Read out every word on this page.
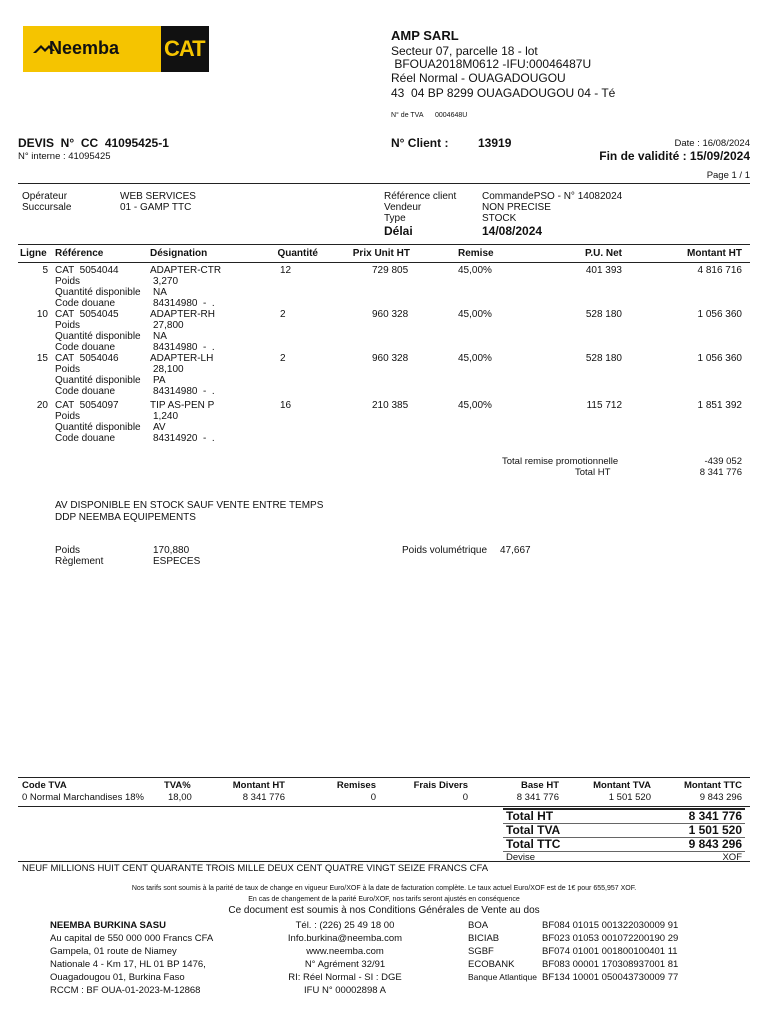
Neemba CAT
AMP SARL
Secteur 07, parcelle 18 - lot
BFOUA2018M0612 -IFU:00046487U
Réel Normal - OUAGADOUGOU
43  04 BP 8299 OUAGADOUGOU 04 - Té
N° de TVA 0004648U
DEVIS  N°  CC  41095425-1
N° interne : 41095425
N° Client : 13919	Date : 16/08/2024
Fin de validité : 15/09/2024
Page 1 / 1
Opérateur	WEB SERVICES
Succursale	01 - GAMP TTC
Référence client	CommandePSO - N° 14082024
Vendeur	NON PRECISE
Type	STOCK
Délai	14/08/2024
Ligne Référence	Désignation	Quantité	Prix Unit HT	Remise	P.U. Net	Montant HT
5 CAT  5054044	ADAPTER-CTR	12	729 805	45,00%	401 393	4 816 716
Poids	3,270
Quantité disponible NA
Code douane	84314980  -  .
10 CAT  5054045	ADAPTER-RH	2	960 328	45,00%	528 180	1 056 360
Poids	27,800
Quantité disponible NA
Code douane	84314980  -  .
15 CAT  5054046	ADAPTER-LH	2	960 328	45,00%	528 180	1 056 360
Poids	28,100
Quantité disponible PA
Code douane	84314980  -  .
20 CAT  5054097	TIP AS-PEN P	16	210 385	45,00%	115 712	1 851 392
Poids	1,240
Quantité disponible AV
Code douane	84314920  -  .
Total remise promotionnelle	-439 052
Total HT	8 341 776
AV DISPONIBLE EN STOCK SAUF VENTE ENTRE TEMPS
DDP NEEMBA EQUIPEMENTS
Poids	170,880
Règlement	ESPECES
Poids volumétrique 47,667
Code TVA	TVA%	Montant HT	Remises	Frais Divers	Base HT	Montant TVA	Montant TTC
0 Normal Marchandises 18%	18,00	8 341 776	0	0	8 341 776	1 501 520	9 843 296
Total HT	8 341 776
Total TVA	1 501 520
Total TTC	9 843 296
Devise	XOF
NEUF MILLIONS HUIT CENT QUARANTE TROIS MILLE DEUX CENT QUATRE VINGT SEIZE FRANCS CFA
Nos tarifs sont soumis à la parité de taux de change en vigueur Euro/XOF à la date de facturation complète. Le taux actuel Euro/XOF est de 1€ pour 655,957 XOF.
En cas de changement de la parité Euro/XOF, nos tarifs seront ajustés en conséquence
Ce document est soumis à nos Conditions Générales de Vente au dos
NEEMBA BURKINA SASU
Au capital de 550 000 000 Francs CFA
Gampela, 01 route de Niamey
Nationale 4 - Km 17, HL 01 BP 1476,
Ouagadougou 01, Burkina Faso
RCCM : BF OUA-01-2023-M-12868
Tél. : (226) 25 49 18 00
Info.burkina@neemba.com
www.neemba.com
N° Agrément 32/91
RI: Réel Normal - SI : DGE
IFU N° 00002898 A
BOA	BF084 01015 001322030009 91
BICIAB	BF023 01053 001072200190 29
SGBF	BF074 01001 001800100401 11
ECOBANK	BF083 00001 170308937001 81
Banque Atlantique BF134 10001 050043730009 77
